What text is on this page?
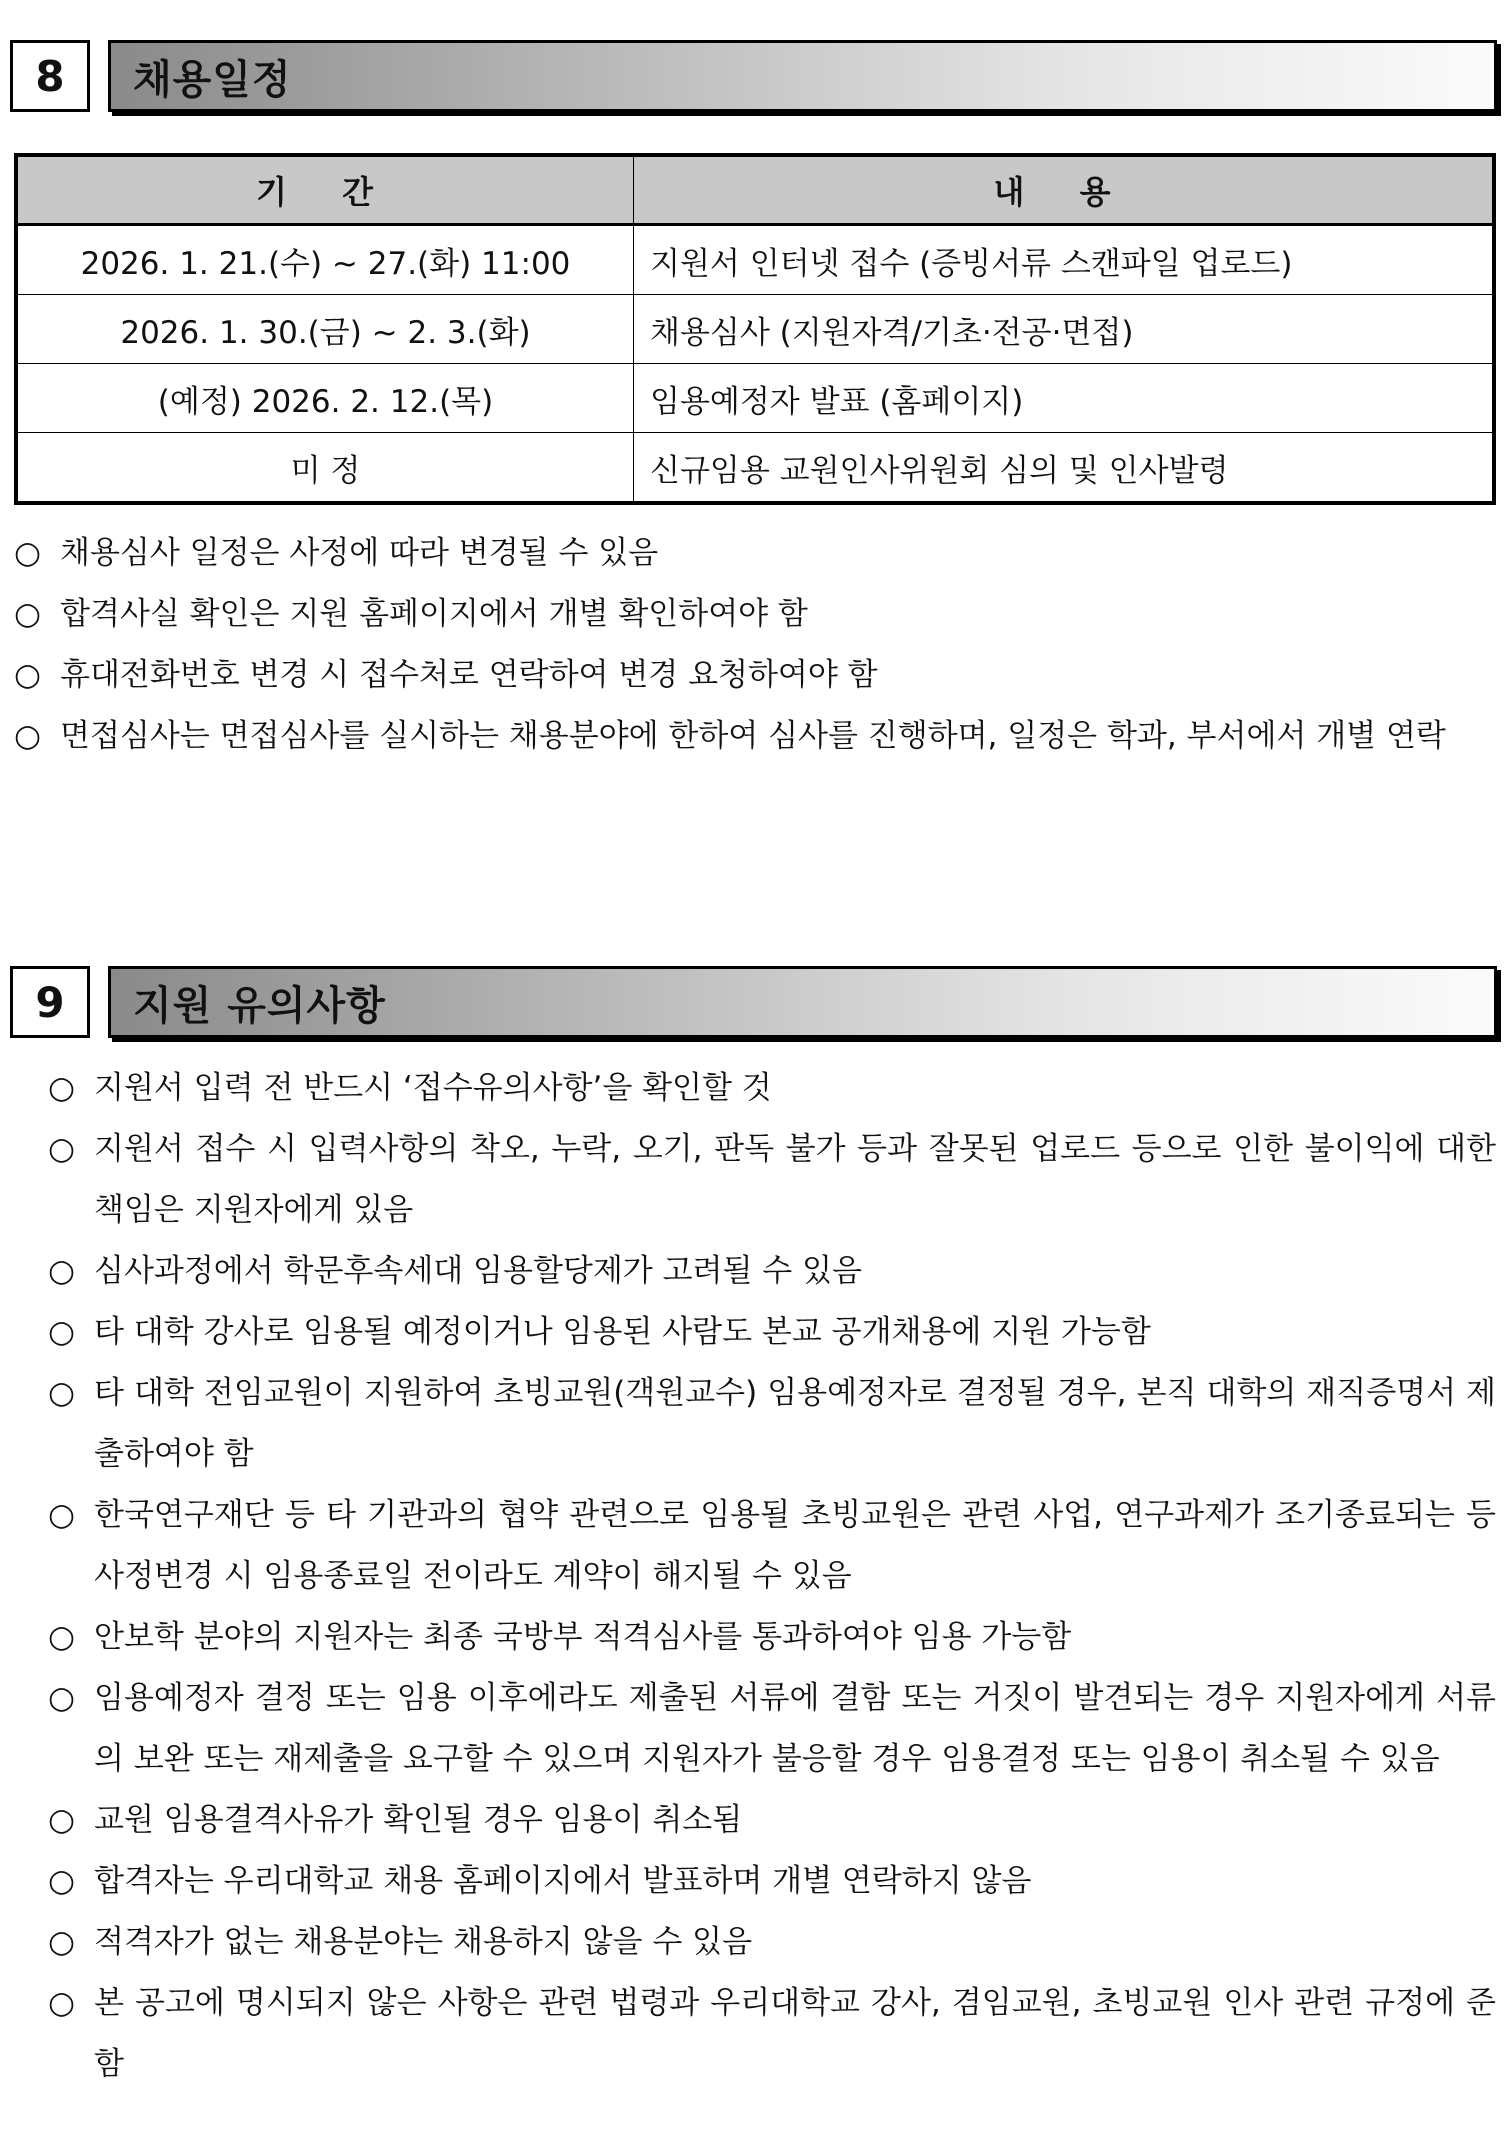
8	채용일정
기 간	내 용
2026. 1. 21.(수) ~ 27.(화) 11:00	지원서 인터넷 접수 (증빙서류 스캔파일 업로드)
2026. 1. 30.(금) ~ 2. 3.(화)	채용심사 (지원자격/기초·전공·면접)
(예정) 2026. 2. 12.(목)	임용예정자 발표 (홈페이지)
미 정	신규임용 교원인사위원회 심의 및 인사발령
○ 채용심사 일정은 사정에 따라 변경될 수 있음
○ 합격사실 확인은 지원 홈페이지에서 개별 확인하여야 함
○ 휴대전화번호 변경 시 접수처로 연락하여 변경 요청하여야 함
○ 면접심사는 면접심사를 실시하는 채용분야에 한하여 심사를 진행하며, 일정은 학과, 부서에서 개별 연락
9	지원 유의사항
○ 지원서 입력 전 반드시 ‘접수유의사항’을 확인할 것
○ 지원서 접수 시 입력사항의 착오, 누락, 오기, 판독 불가 등과 잘못된 업로드 등으로 인한 불이익에 대한 책임은 지원자에게 있음
○ 심사과정에서 학문후속세대 임용할당제가 고려될 수 있음
○ 타 대학 강사로 임용될 예정이거나 임용된 사람도 본교 공개채용에 지원 가능함
○ 타 대학 전임교원이 지원하여 초빙교원(객원교수) 임용예정자로 결정될 경우, 본직 대학의 재직증명서 제출하여야 함
○ 한국연구재단 등 타 기관과의 협약 관련으로 임용될 초빙교원은 관련 사업, 연구과제가 조기종료되는 등 사정변경 시 임용종료일 전이라도 계약이 해지될 수 있음
○ 안보학 분야의 지원자는 최종 국방부 적격심사를 통과하여야 임용 가능함
○ 임용예정자 결정 또는 임용 이후에라도 제출된 서류에 결함 또는 거짓이 발견되는 경우 지원자에게 서류의 보완 또는 재제출을 요구할 수 있으며 지원자가 불응할 경우 임용결정 또는 임용이 취소될 수 있음
○ 교원 임용결격사유가 확인될 경우 임용이 취소됨
○ 합격자는 우리대학교 채용 홈페이지에서 발표하며 개별 연락하지 않음
○ 적격자가 없는 채용분야는 채용하지 않을 수 있음
○ 본 공고에 명시되지 않은 사항은 관련 법령과 우리대학교 강사, 겸임교원, 초빙교원 인사 관련 규정에 준함
